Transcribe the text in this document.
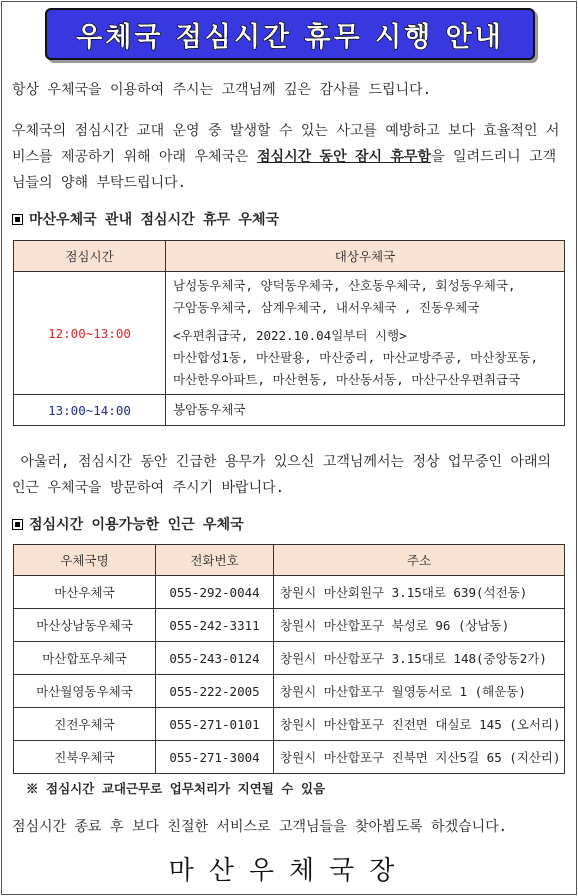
우체국 점심시간 휴무 시행 안내
항상 우체국을 이용하여 주시는 고객님께 깊은 감사를 드립니다.
우체국의 점심시간 교대 운영 중 발생할 수 있는 사고를 예방하고 보다 효율적인 서비스를 제공하기 위해 아래 우체국은 점심시간 동안 잠시 휴무함을 일려드리니 고객님들의 양해 부탁드립니다.
마산우체국 관내 점심시간 휴무 우체국
점심시간	대상우체국
12:00~13:00	남성동우체국, 양덕동우체국, 산호동우체국, 회성동우체국,
구암동우체국, 삼계우체국, 내서우체국 , 진동우체국
<우편취급국, 2022.10.04일부터 시행>
마산합성1동, 마산팔용, 마산중리, 마산교방주공, 마산창포동,
마산한우아파트, 마산현동, 마산동서동, 마산구산우편취급국

13:00~14:00	봉암동우체국
아울러, 점심시간 동안 긴급한 용무가 있으신 고객님께서는 정상 업무중인 아래의 인근 우체국을 방문하여 주시기 바랍니다.
점심시간 이용가능한 인근 우체국
우체국명	전화번호	주소
마산우체국	055-292-0044	창원시 마산회원구 3.15대로 639(석전동)
마산상남동우체국	055-242-3311	창원시 마산합포구 북성로 96 (상남동)
마산합포우체국	055-243-0124	창원시 마산합포구 3.15대로 148(중앙동2가)
마산월영동우체국	055-222-2005	창원시 마산합포구 월영동서로 1 (해운동)
진전우체국	055-271-0101	창원시 마산합포구 진전면 대실로 145 (오서리)
진북우체국	055-271-3004	창원시 마산합포구 진북면 지산5길 65 (지산리)
※ 점심시간 교대근무로 업무처리가 지연될 수 있음
점심시간 종료 후 보다 친절한 서비스로 고객님들을 찾아뵙도록 하겠습니다.
마산우체국장
